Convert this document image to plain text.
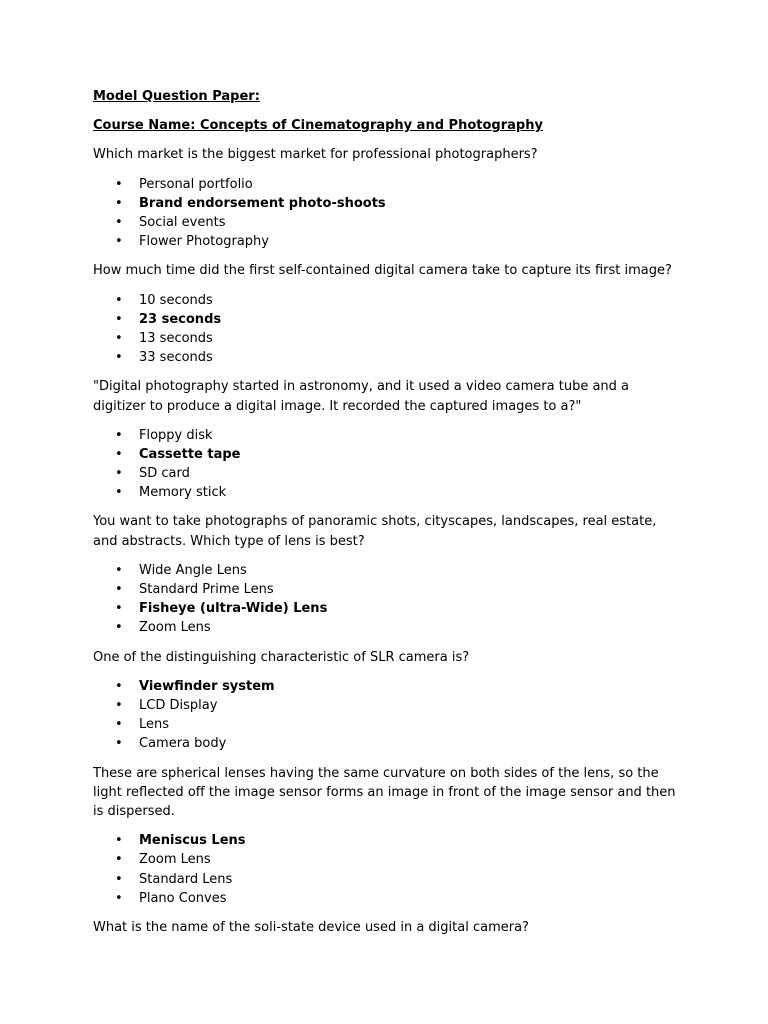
Model Question Paper:

Course Name: Concepts of Cinematography and Photography

Which market is the biggest market for professional photographers?

• Personal portfolio
• Brand endorsement photo-shoots
• Social events
• Flower Photography

How much time did the first self-contained digital camera take to capture its first image?

• 10 seconds
• 23 seconds
• 13 seconds
• 33 seconds

"Digital photography started in astronomy, and it used a video camera tube and a digitizer to produce a digital image. It recorded the captured images to a?"

• Floppy disk
• Cassette tape
• SD card
• Memory stick

You want to take photographs of panoramic shots, cityscapes, landscapes, real estate, and abstracts. Which type of lens is best?

• Wide Angle Lens
• Standard Prime Lens
• Fisheye (ultra-Wide) Lens
• Zoom Lens

One of the distinguishing characteristic of SLR camera is?

• Viewfinder system
• LCD Display
• Lens
• Camera body

These are spherical lenses having the same curvature on both sides of the lens, so the light reflected off the image sensor forms an image in front of the image sensor and then is dispersed.

• Meniscus Lens
• Zoom Lens
• Standard Lens
• Plano Conves

What is the name of the soli-state device used in a digital camera?
